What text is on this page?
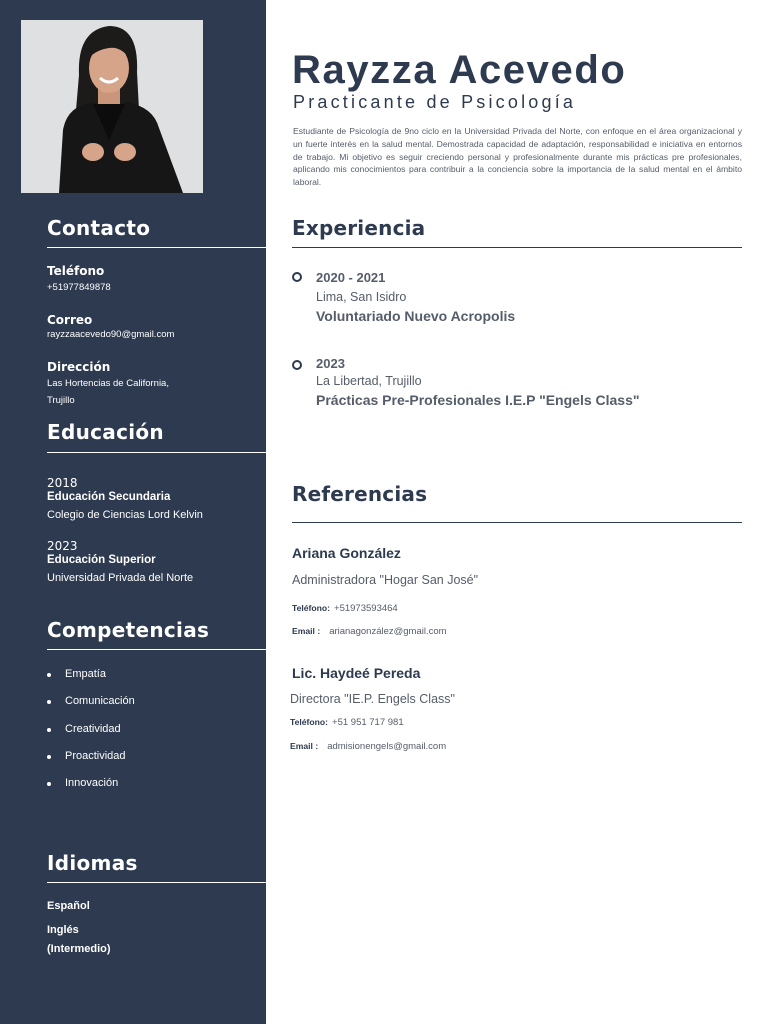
Contacto
Teléfono
+51977849878
Correo
rayzzaacevedo90@gmail.com
Dirección
Las Hortencias de California,
Trujillo
Educación
2018
Educación Secundaria
Colegio de Ciencias Lord Kelvin
2023
Educación Superior
Universidad Privada del Norte
Competencias
Empatía
Comunicación
Creatividad
Proactividad
Innovación
Idiomas
Español
Inglés
(Intermedio)
Rayzza Acevedo
Practicante de Psicología

Estudiante de Psicología de 9no ciclo en la Universidad Privada del Norte, con enfoque en el área organizacional y un fuerte interés en la salud mental. Demostrada capacidad de adaptación, responsabilidad e iniciativa en entornos de trabajo. Mi objetivo es seguir creciendo personal y profesionalmente durante mis prácticas pre profesionales, aplicando mis conocimientos para contribuir a la conciencia sobre la importancia de la salud mental en el ámbito laboral.

Experiencia
2020 - 2021
Lima, San Isidro
Voluntariado Nuevo Acropolis
2023
La Libertad, Trujillo
Prácticas Pre-Profesionales I.E.P "Engels Class"
Referencias
Ariana González
Administradora "Hogar San José"
Teléfono: +51973593464
Email : arianagonzález@gmail.com
Lic. Haydeé Pereda
Directora "IE.P. Engels Class"
Teléfono: +51 951 717 981
Email : admisionengels@gmail.com
